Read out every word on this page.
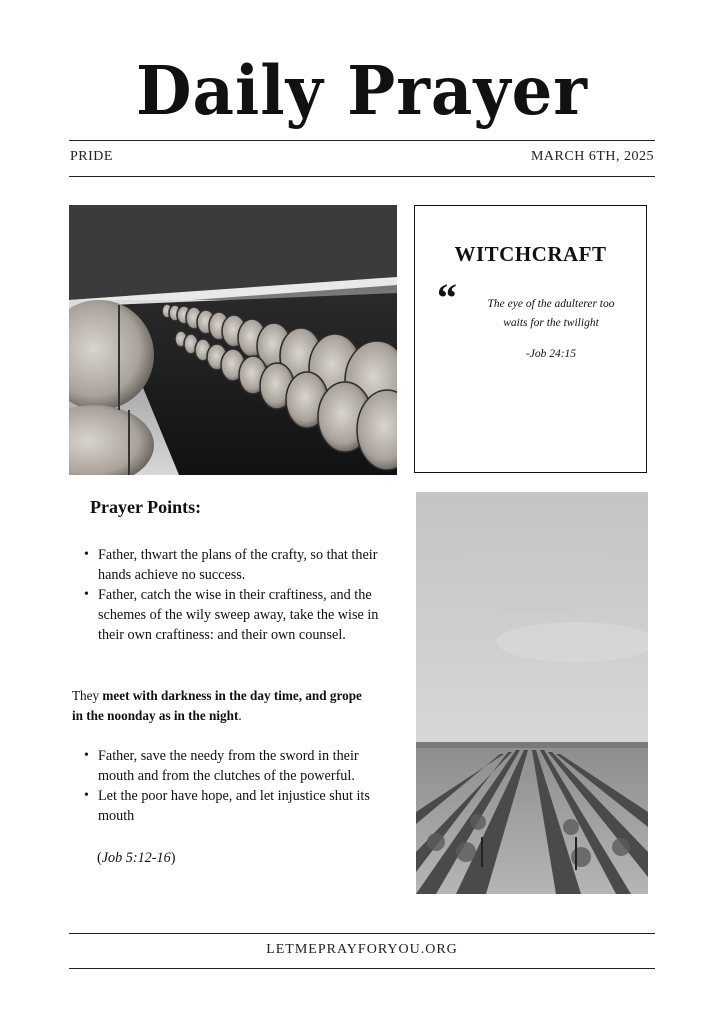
Daily Prayer
PRIDE	MARCH 6TH, 2025
WITCHCRAFT
“	The eye of the adulterer too waits for the twilight
-Job 24:15
Prayer Points:
• Father, thwart the plans of the crafty, so that their hands achieve no success.
• Father, catch the wise in their craftiness, and the schemes of the wily sweep away, take the wise in their own craftiness: and their own counsel.
They meet with darkness in the day time, and grope in the noonday as in the night.
• Father, save the needy from the sword in their mouth and from the clutches of the powerful.
• Let the poor have hope, and let injustice shut its mouth
(Job 5:12-16)
LETMEPRAYFORYOU.ORG
